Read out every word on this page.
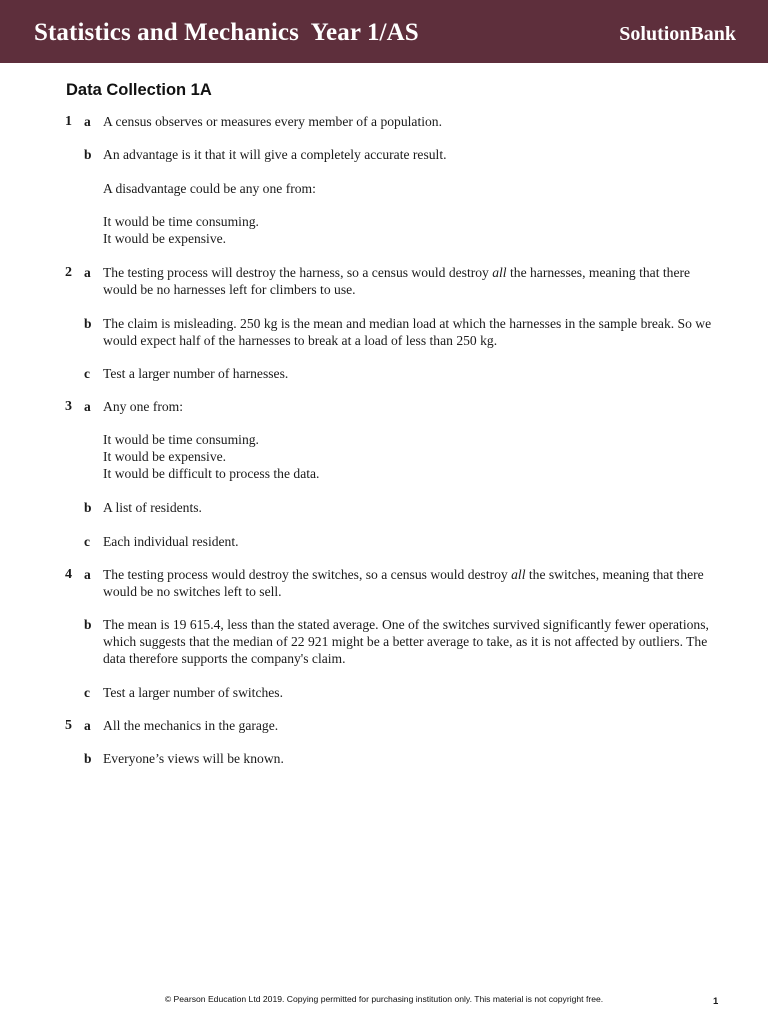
Statistics and Mechanics  Year 1/AS	SolutionBank
Data Collection 1A
1 a A census observes or measures every member of a population.
b An advantage is it that it will give a completely accurate result.
A disadvantage could be any one from:
It would be time consuming.
It would be expensive.
2 a The testing process will destroy the harness, so a census would destroy all the harnesses, meaning that there would be no harnesses left for climbers to use.
b The claim is misleading. 250 kg is the mean and median load at which the harnesses in the sample break. So we would expect half of the harnesses to break at a load of less than 250 kg.
c Test a larger number of harnesses.
3 a Any one from:
It would be time consuming.
It would be expensive.
It would be difficult to process the data.
b A list of residents.
c Each individual resident.
4 a The testing process would destroy the switches, so a census would destroy all the switches, meaning that there would be no switches left to sell.
b The mean is 19 615.4, less than the stated average. One of the switches survived significantly fewer operations, which suggests that the median of 22 921 might be a better average to take, as it is not affected by outliers. The data therefore supports the company's claim.
c Test a larger number of switches.
5 a All the mechanics in the garage.
b Everyone’s views will be known.
© Pearson Education Ltd 2019. Copying permitted for purchasing institution only. This material is not copyright free.	1
